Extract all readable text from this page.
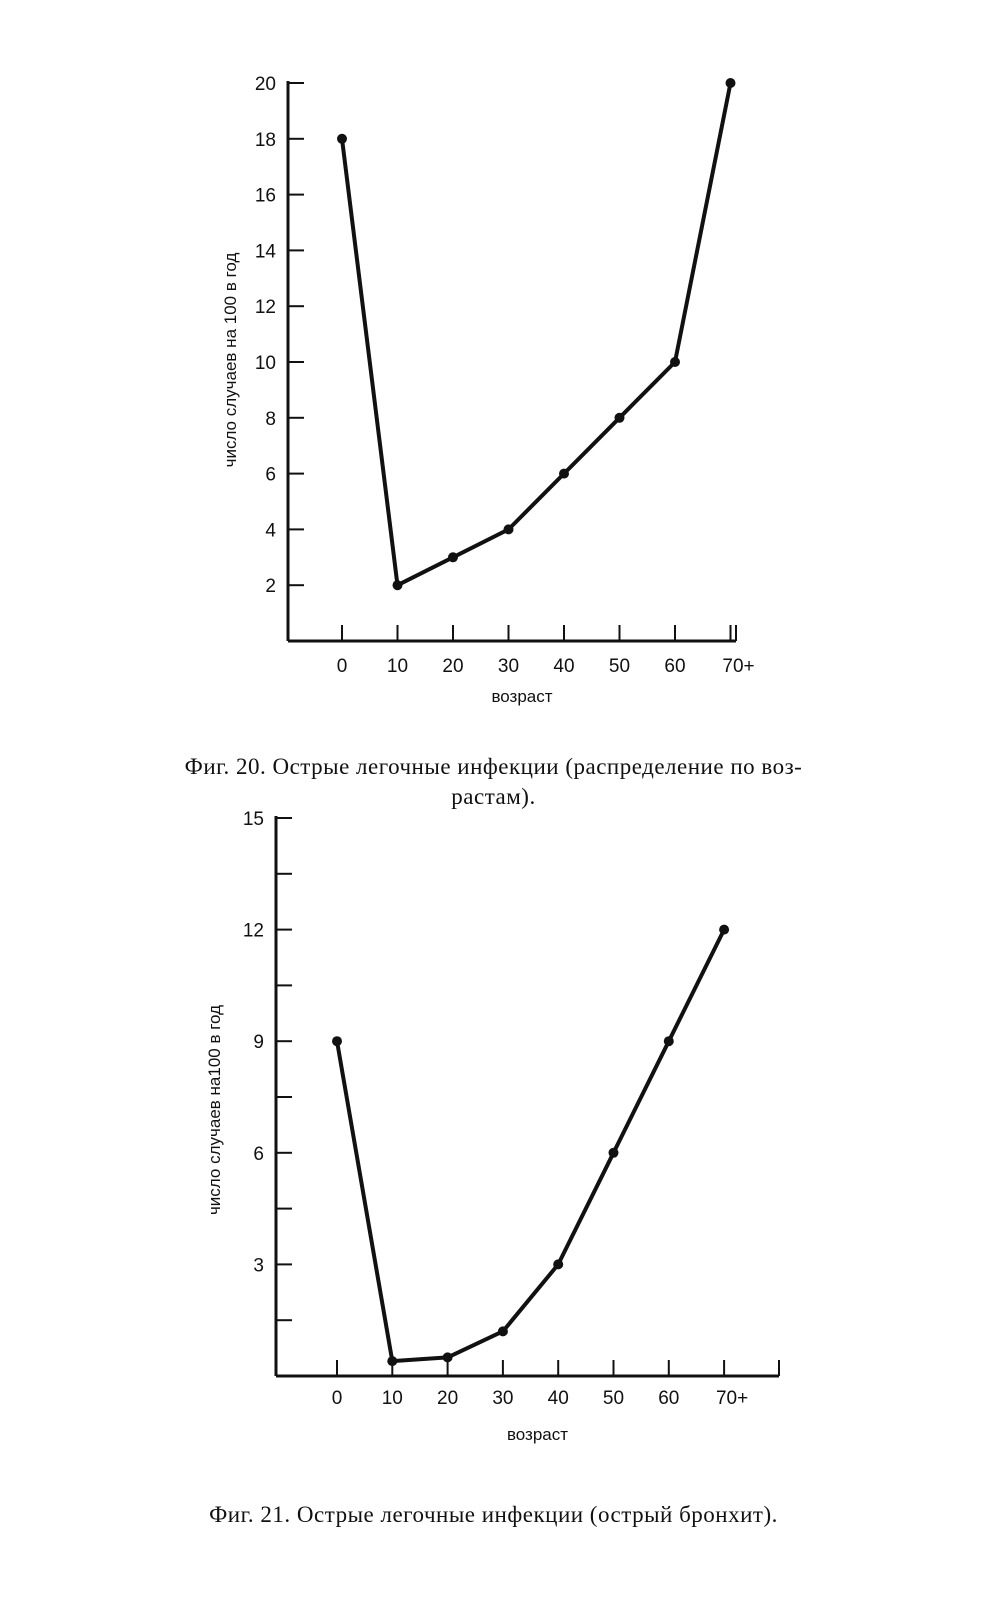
2
4
6
8
10
12
14
16
18
20
0 10 20 30 40 50 60 70+
возраст
число случаев на 100 в год
3
6
9
12
15
0 10 20 30 40 50 60 70+
возраст
число случаев на100 в год
Фиг. 20. Острые легочные инфекции (распределение по воз-
растам).
Фиг. 21. Острые легочные инфекции (острый бронхит).
